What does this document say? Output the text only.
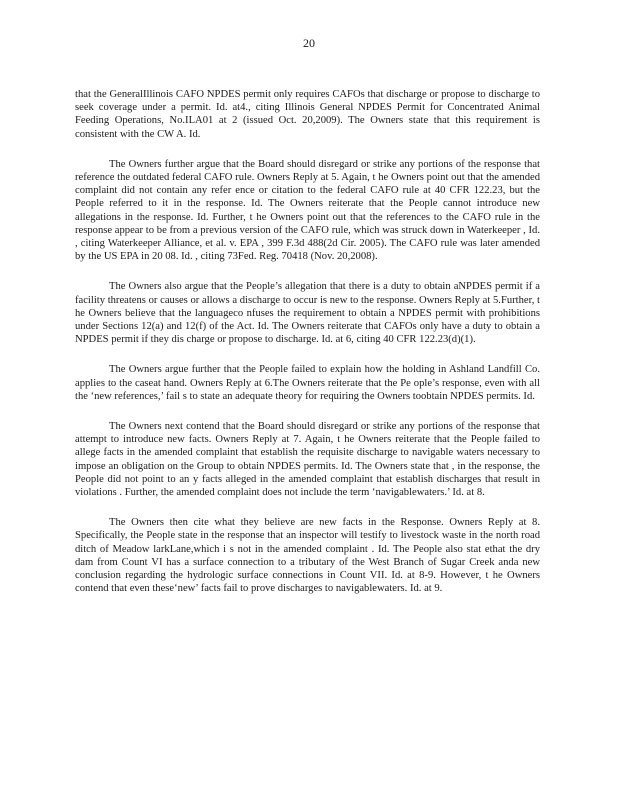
20

that the GeneralIllinois CAFO NPDES permit only requires CAFOs that discharge or propose to discharge to seek coverage under a permit. Id. at4., citing Illinois General NPDES Permit for Concentrated Animal Feeding Operations, No.ILA01 at 2 (issued Oct. 20,2009). The Owners state that this requirement is consistent with the CW A. Id.

The Owners further argue that the Board should disregard or strike any portions of the response that reference the outdated federal CAFO rule. Owners Reply at 5. Again, t he Owners point out that the amended complaint did not contain any refer ence or citation to the federal CAFO rule at 40 CFR 122.23, but the People referred to it in the response. Id. The Owners reiterate that the People cannot introduce new allegations in the response. Id. Further, t he Owners point out that the references to the CAFO rule in the response appear to be from a previous version of the CAFO rule, which was struck down in Waterkeeper , Id. , citing Waterkeeper Alliance, et al. v. EPA , 399 F.3d 488(2d Cir. 2005). The CAFO rule was later amended by the US EPA in 20 08. Id. , citing 73Fed. Reg. 70418 (Nov. 20,2008).

The Owners also argue that the People’s allegation that there is a duty to obtain aNPDES permit if a facility threatens or causes or allows a discharge to occur is new to the response. Owners Reply at 5.Further, t he Owners believe that the languageco nfuses the requirement to obtain a NPDES permit with prohibitions under Sections 12(a) and 12(f) of the Act. Id. The Owners reiterate that CAFOs only have a duty to obtain a NPDES permit if they dis charge or propose to discharge. Id. at 6, citing 40 CFR 122.23(d)(1).

The Owners argue further that the People failed to explain how the holding in Ashland Landfill Co. applies to the caseat hand. Owners Reply at 6.The Owners reiterate that the Pe ople’s response, even with all the ‘new references,’ fail s to state an adequate theory for requiring the Owners toobtain NPDES permits. Id.

The Owners next contend that the Board should disregard or strike any portions of the response that attempt to introduce new facts. Owners Reply at 7. Again, t he Owners reiterate that the People failed to allege facts in the amended complaint that establish the requisite discharge to navigable waters necessary to impose an obligation on the Group to obtain NPDES permits. Id. The Owners state that , in the response, the People did not point to an y facts alleged in the amended complaint that establish discharges that result in violations . Further, the amended complaint does not include the term ‘navigablewaters.’ Id. at 8.

The Owners then cite what they believe are new facts in the Response. Owners Reply at 8. Specifically, the People state in the response that an inspector will testify to livestock waste in the north road ditch of Meadow larkLane,which i s not in the amended complaint . Id. The People also stat ethat the dry dam from Count VI has a surface connection to a tributary of the West Branch of Sugar Creek anda new conclusion regarding the hydrologic surface connections in Count VII. Id. at 8-9. However, t he Owners contend that even these‘new’ facts fail to prove discharges to navigablewaters. Id. at 9.
